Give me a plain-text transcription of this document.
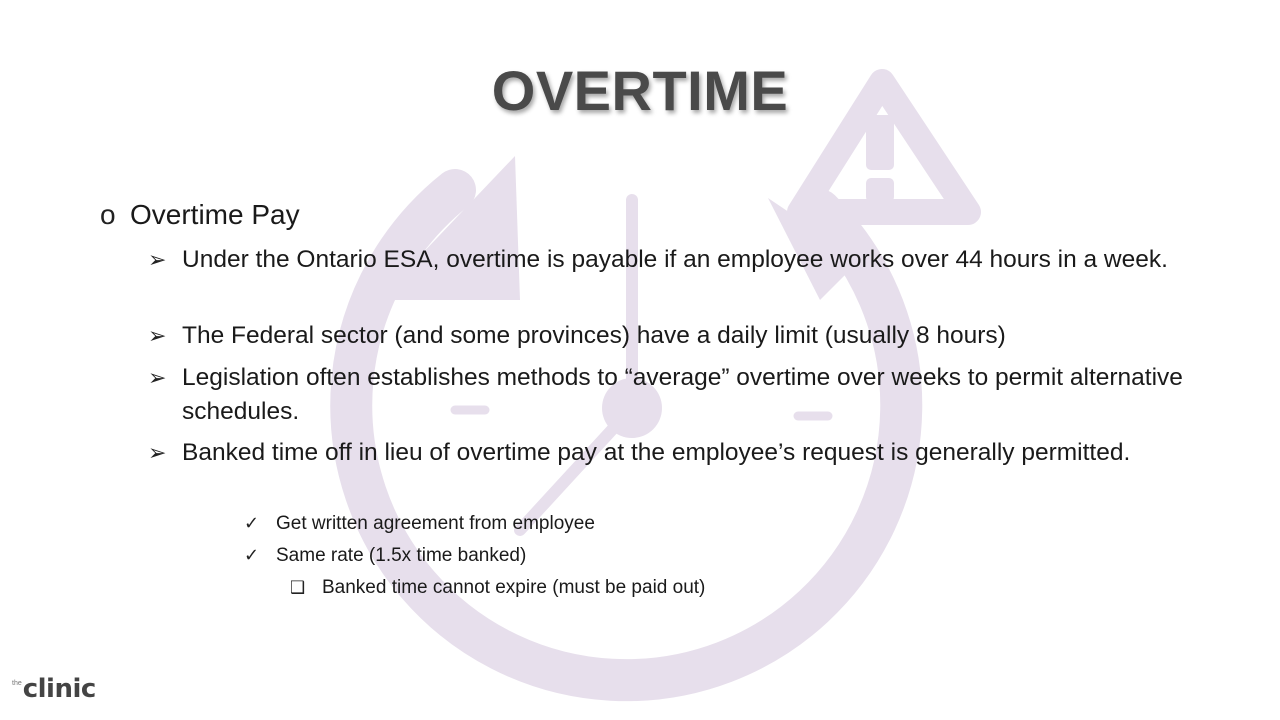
OVERTIME
o Overtime Pay
➢ Under the Ontario ESA, overtime is payable if an employee works over 44 hours in a week.
➢ The Federal sector (and some provinces) have a daily limit (usually 8 hours)
➢ Legislation often establishes methods to “average” overtime over weeks to permit alternative schedules.
➢ Banked time off in lieu of overtime pay at the employee’s request is generally permitted.
✓ Get written agreement from employee
✓ Same rate (1.5x time banked)
❑ Banked time cannot expire (must be paid out)
the clinic
